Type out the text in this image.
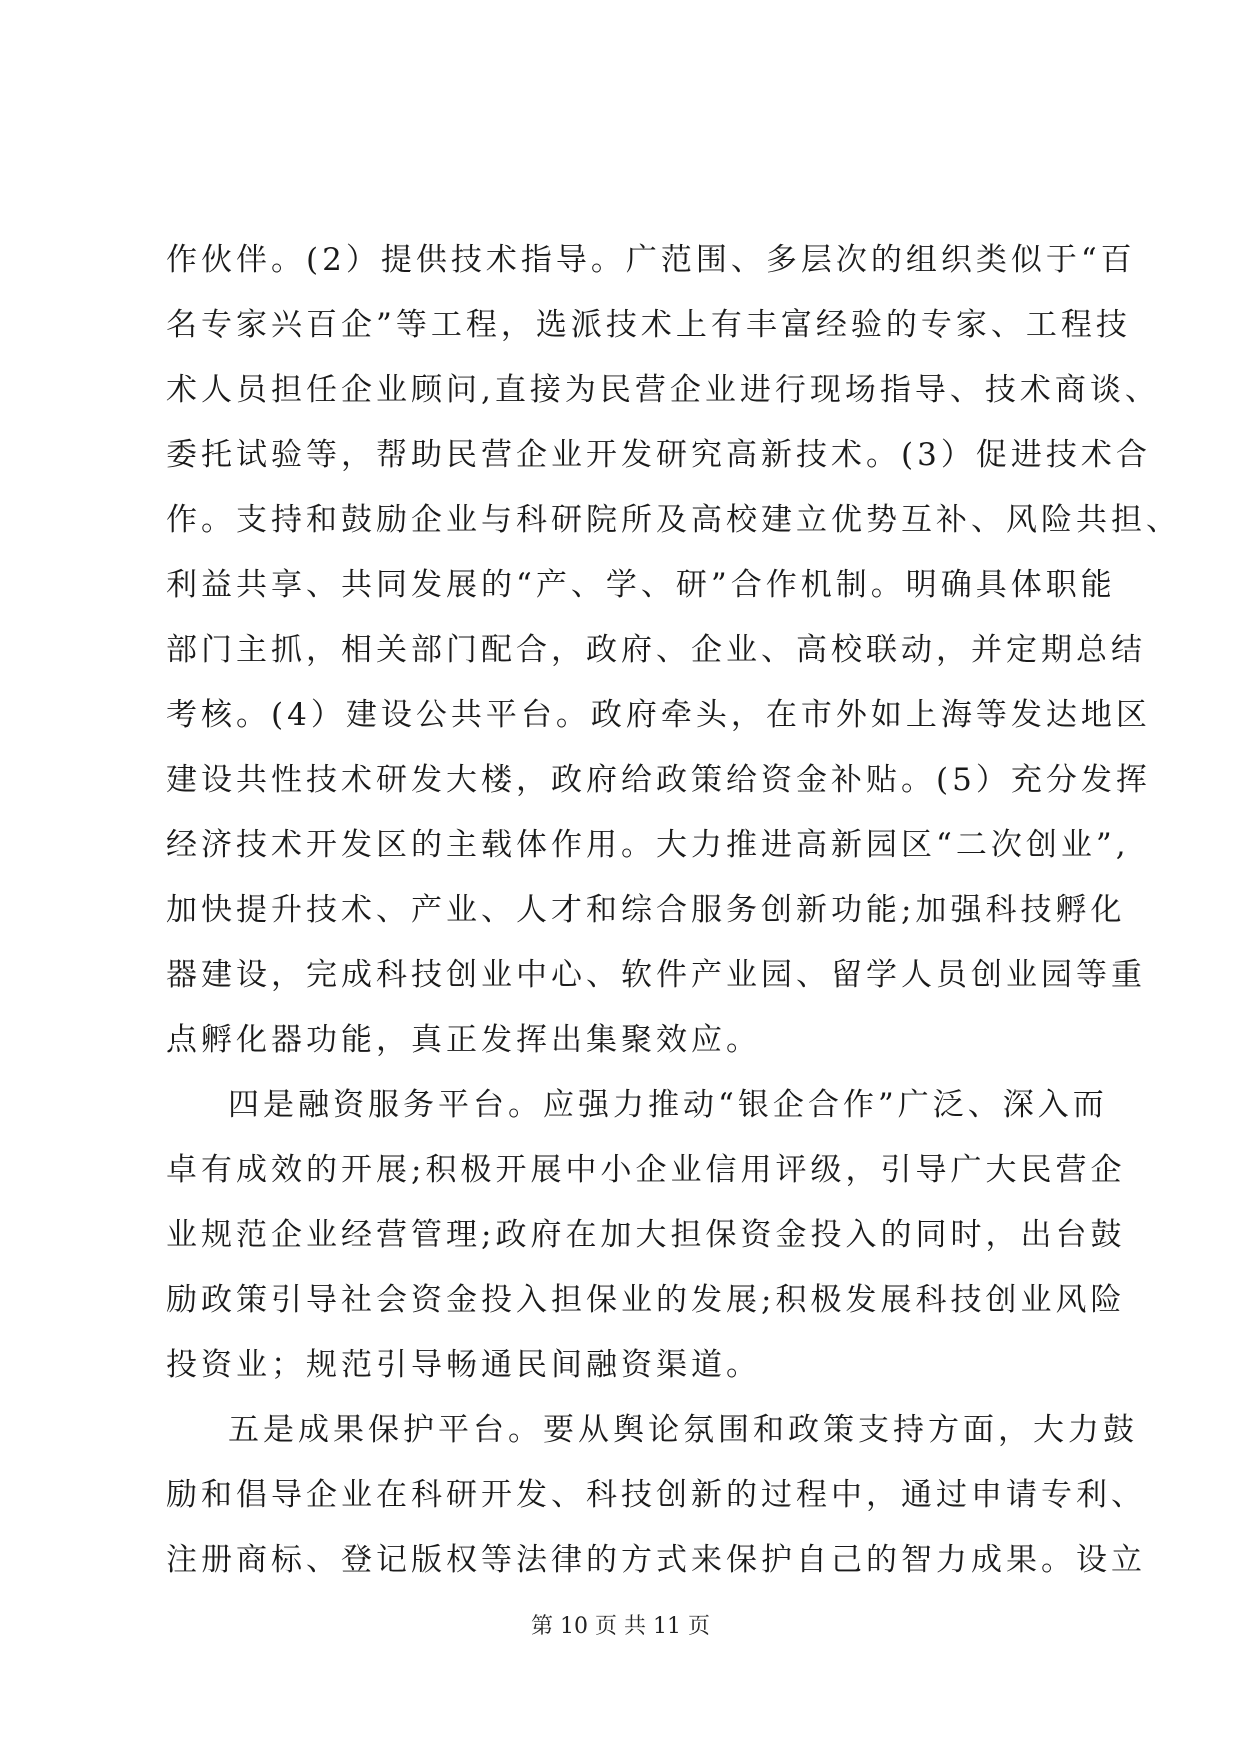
作伙伴。(2）提供技术指导。广范围、多层次的组织类似于“百
名专家兴百企”等工程，选派技术上有丰富经验的专家、工程技
术人员担任企业顾问,直接为民营企业进行现场指导、技术商谈、
委托试验等，帮助民营企业开发研究高新技术。(3）促进技术合
作。支持和鼓励企业与科研院所及高校建立优势互补、风险共担、
利益共享、共同发展的“产、学、研”合作机制。明确具体职能
部门主抓，相关部门配合，政府、企业、高校联动，并定期总结
考核。(4）建设公共平台。政府牵头，在市外如上海等发达地区
建设共性技术研发大楼，政府给政策给资金补贴。(5）充分发挥
经济技术开发区的主载体作用。大力推进高新园区“二次创业”,
加快提升技术、产业、人才和综合服务创新功能;加强科技孵化
器建设，完成科技创业中心、软件产业园、留学人员创业园等重
点孵化器功能，真正发挥出集聚效应。
四是融资服务平台。应强力推动“银企合作”广泛、深入而
卓有成效的开展;积极开展中小企业信用评级，引导广大民营企
业规范企业经营管理;政府在加大担保资金投入的同时，出台鼓
励政策引导社会资金投入担保业的发展;积极发展科技创业风险
投资业；规范引导畅通民间融资渠道。
五是成果保护平台。要从舆论氛围和政策支持方面，大力鼓
励和倡导企业在科研开发、科技创新的过程中，通过申请专利、
注册商标、登记版权等法律的方式来保护自己的智力成果。设立
第 10 页 共 11 页
